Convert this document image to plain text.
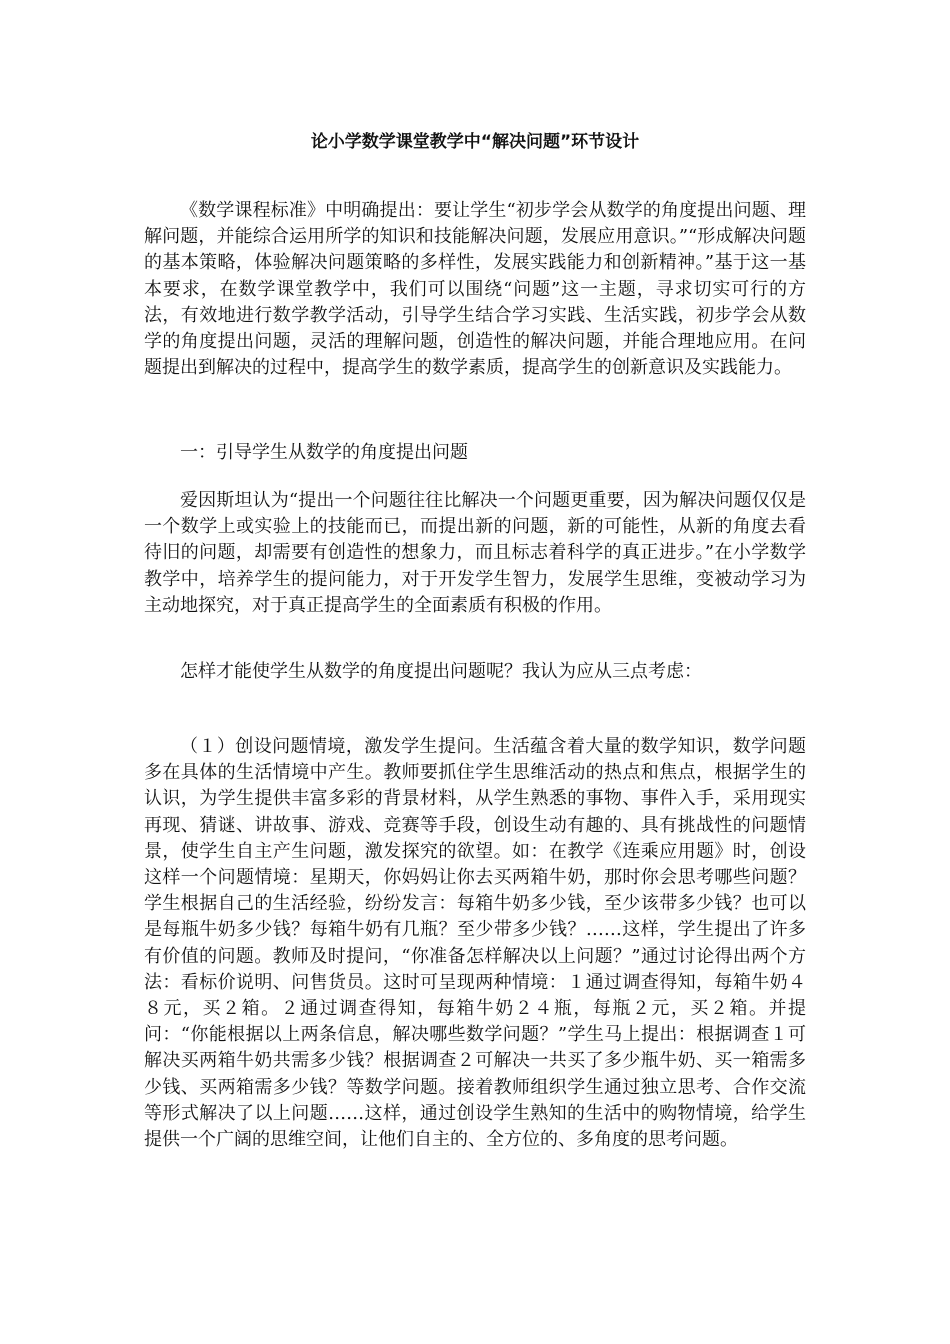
论小学数学课堂教学中“解决问题”环节设计

《数学课程标准》中明确提出：要让学生“初步学会从数学的角度提出问题、理解问题，并能综合运用所学的知识和技能解决问题，发展应用意识。”“形成解决问题的基本策略，体验解决问题策略的多样性，发展实践能力和创新精神。”基于这一基本要求，在数学课堂教学中，我们可以围绕“问题”这一主题，寻求切实可行的方法，有效地进行数学教学活动，引导学生结合学习实践、生活实践，初步学会从数学的角度提出问题，灵活的理解问题，创造性的解决问题，并能合理地应用。在问题提出到解决的过程中，提高学生的数学素质，提高学生的创新意识及实践能力。

一：引导学生从数学的角度提出问题

爱因斯坦认为“提出一个问题往往比解决一个问题更重要，因为解决问题仅仅是一个数学上或实验上的技能而已，而提出新的问题，新的可能性，从新的角度去看待旧的问题，却需要有创造性的想象力，而且标志着科学的真正进步。”在小学数学教学中，培养学生的提问能力，对于开发学生智力，发展学生思维，变被动学习为主动地探究，对于真正提高学生的全面素质有积极的作用。

怎样才能使学生从数学的角度提出问题呢？我认为应从三点考虑：

（１）创设问题情境，激发学生提问。生活蕴含着大量的数学知识，数学问题多在具体的生活情境中产生。教师要抓住学生思维活动的热点和焦点，根据学生的认识，为学生提供丰富多彩的背景材料，从学生熟悉的事物、事件入手，采用现实再现、猜谜、讲故事、游戏、竞赛等手段，创设生动有趣的、具有挑战性的问题情景，使学生自主产生问题，激发探究的欲望。如：在教学《连乘应用题》时，创设这样一个问题情境：星期天，你妈妈让你去买两箱牛奶，那时你会思考哪些问题？学生根据自己的生活经验，纷纷发言：每箱牛奶多少钱，至少该带多少钱？也可以是每瓶牛奶多少钱？每箱牛奶有几瓶？至少带多少钱？……这样，学生提出了许多有价值的问题。教师及时提问，“你准备怎样解决以上问题？”通过讨论得出两个方法：看标价说明、问售货员。这时可呈现两种情境：１通过调查得知，每箱牛奶４８元，买２箱。２通过调查得知，每箱牛奶２４瓶，每瓶２元，买２箱。并提问：“你能根据以上两条信息，解决哪些数学问题？”学生马上提出：根据调查１可解决买两箱牛奶共需多少钱？根据调查２可解决一共买了多少瓶牛奶、买一箱需多少钱、买两箱需多少钱？等数学问题。接着教师组织学生通过独立思考、合作交流等形式解决了以上问题……这样，通过创设学生熟知的生活中的购物情境，给学生提供一个广阔的思维空间，让他们自主的、全方位的、多角度的思考问题。
